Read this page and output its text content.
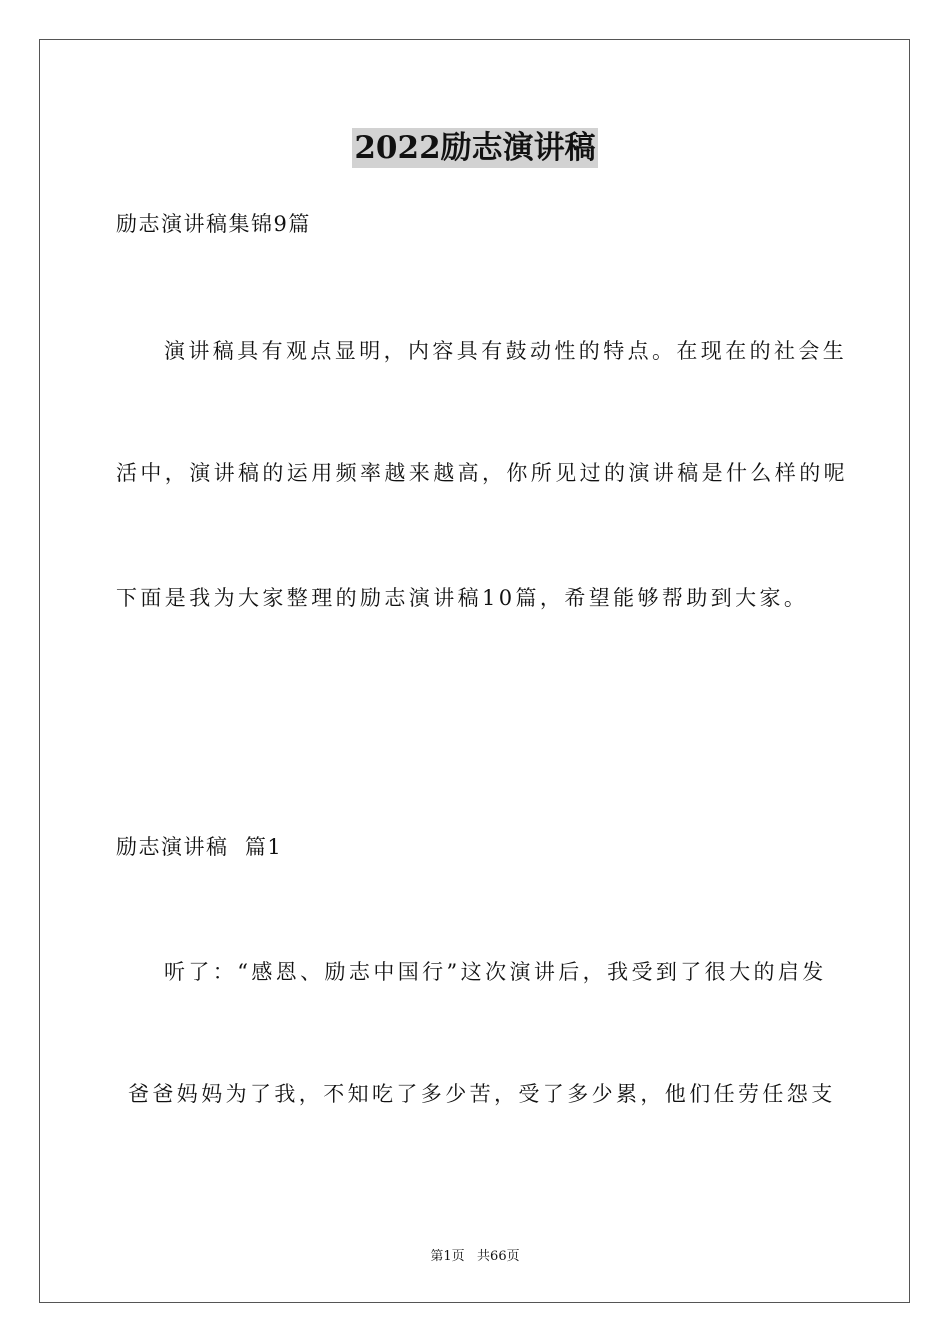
2022励志演讲稿
励志演讲稿集锦9篇
演讲稿具有观点显明，内容具有鼓动性的特点。在现在的社会生
活中，演讲稿的运用频率越来越高，你所见过的演讲稿是什么样的呢
下面是我为大家整理的励志演讲稿10篇，希望能够帮助到大家。
励志演讲稿  篇1
听了：“感恩、励志中国行”这次演讲后，我受到了很大的启发
爸爸妈妈为了我，不知吃了多少苦，受了多少累，他们任劳任怨支
第1页   共66页
